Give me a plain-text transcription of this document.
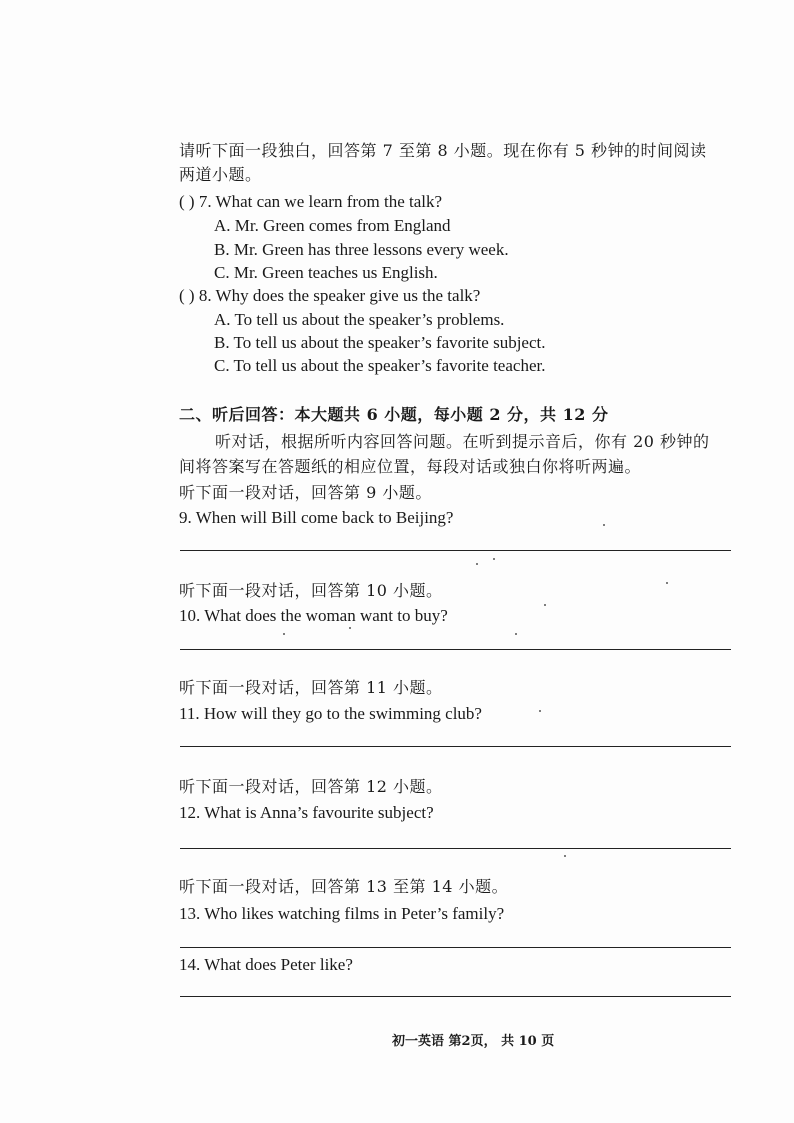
请听下面一段独白，回答第 7 至第 8 小题。现在你有 5 秒钟的时间阅读
两道小题。
( ) 7. What can we learn from the talk?
A. Mr. Green comes from England
B. Mr. Green has three lessons every week.
C. Mr. Green teaches us English.
( ) 8. Why does the speaker give us the talk?
A. To tell us about the speaker’s problems.
B. To tell us about the speaker’s favorite subject.
C. To tell us about the speaker’s favorite teacher.
二、听后回答：本大题共 6 小题，每小题 2 分，共 12 分
听对话，根据所听内容回答问题。在听到提示音后，你有 20 秒钟的
间将答案写在答题纸的相应位置，每段对话或独白你将听两遍。
听下面一段对话，回答第 9 小题。
9. When will Bill come back to Beijing?
听下面一段对话，回答第 10 小题。
10. What does the woman want to buy?
听下面一段对话，回答第 11 小题。
11. How will they go to the swimming club?
听下面一段对话，回答第 12 小题。
12. What is Anna’s favourite subject?
听下面一段对话，回答第 13 至第 14 小题。
13. Who likes watching films in Peter’s family?
14. What does Peter like?
初一英语 第2页， 共 10 页
